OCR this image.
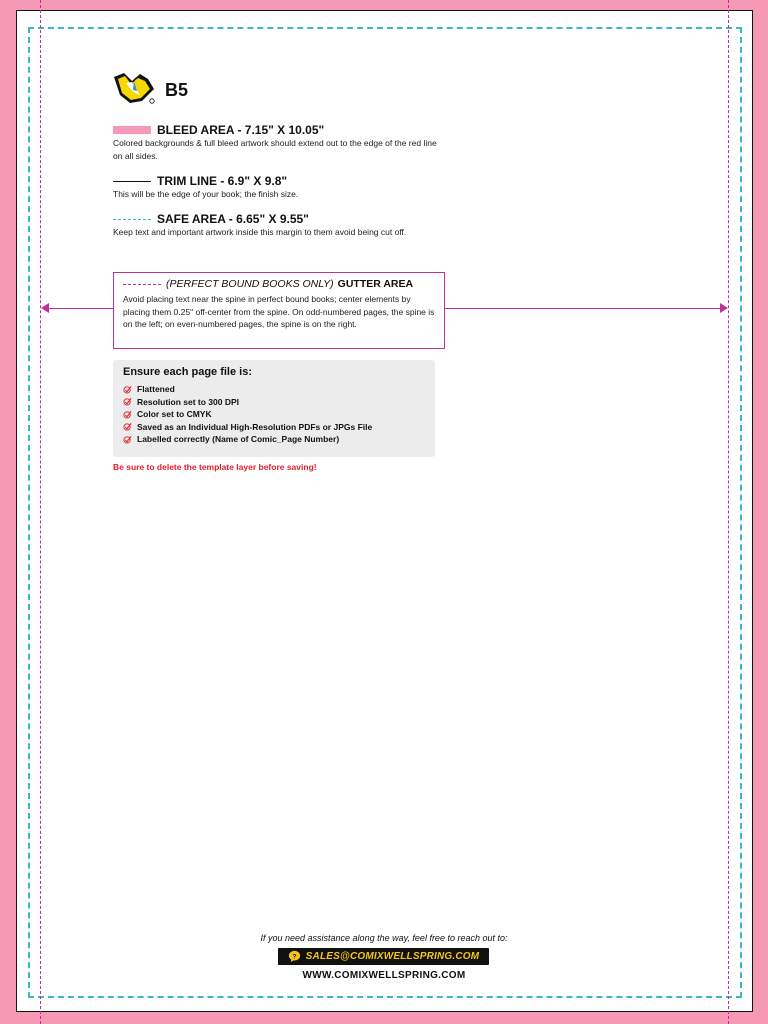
B5
BLEED AREA - 7.15" X 10.05"
Colored backgrounds & full bleed artwork should extend out to the edge of the red line on all sides.
TRIM LINE - 6.9" X 9.8"
This will be the edge of your book; the finish size.
SAFE AREA - 6.65" X 9.55"
Keep text and important artwork inside this margin to them avoid being cut off.
(PERFECT BOUND BOOKS ONLY) GUTTER AREA
Avoid placing text near the spine in perfect bound books; center elements by placing them 0.25" off-center from the spine. On odd-numbered pages, the spine is on the left; on even-numbered pages, the spine is on the right.
Ensure each page file is:
Flattened
Resolution set to 300 DPI
Color set to CMYK
Saved as an Individual High-Resolution PDFs or JPGs File
Labelled correctly (Name of Comic_Page Number)
Be sure to delete the template layer before saving!
If you need assistance along the way, feel free to reach out to:
? SALES@COMIXWELLSPRING.COM
WWW.COMIXWELLSPRING.COM
